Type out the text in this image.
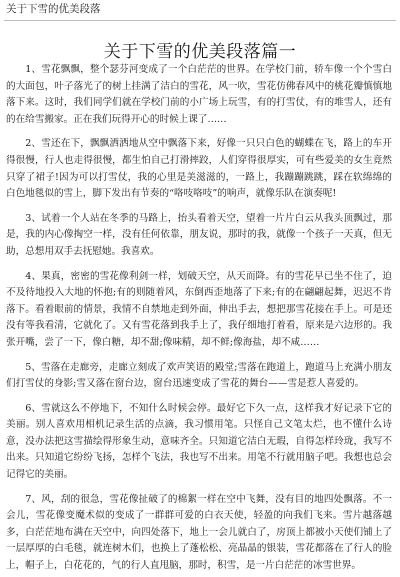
关于下雪的优美段落
关于下雪的优美段落篇一

1、雪花飘飘，整个瑟芬河变成了一个白茫茫的世界。在学校门前，轿车像一个个雪白的大面包，叶子落光了的树上挂满了洁白的雪花，风一吹，雪花仿佛春风中的桃花瓣慎慎地落下来。这时，我们同学们就在学校门前的小广场上玩雪，有的打雪仗，有的堆雪人，还有的在给雪搬家。正在我们玩得开心的时候上课了……

2、雪还在下，飘飘洒洒地从空中飘落下来，好像一只只白色的蝴蝶在飞，路上的车开得很慢，行人也走得很慢，都生怕自己打滑摔跤，人们穿得很厚实，可有些爱美的女生竟然只穿了裙子!因为可以打雪仗，我的心里是美滋滋的，一路上，我蹦蹦跳跳，踩在软绵绵的白色地毯似的雪上，脚下发出有节奏的“咯吱咯吱”的响声，就像乐队在演奏呢!

3、试着一个人站在冬季的马路上，抬头看着天空，望着一片片白云从我头顶飘过，那是，我的内心像掏空一样，没有任何依靠，朋友说，那时的我，就像一个孩子一天真，但无助，总想用双手去抚慰她。我喜欢。

4、果真，密密的雪花像利剑一样，划破天空，从天而降。有的雪花早已坐不住了，迫不及待地投入大地的怀抱;有的则随着风，东倒西歪地落了下来;有的在翩翩起舞，迟迟不肯落下。看着眼前的情景，我情不自禁地走到外面，伸出手去，想把那雪花接在手上。可是还没有等我看清，它就化了。又有雪花落到我手上了，我仔细地打着看，原来是六边形的。我张开嘴，尝了一下，像白糖，却不甜;像味精，却不鲜;像海盐，却不咸……

5、雪落在走廊旁，走廊立刻成了欢声笑语的殿堂;雪落在跑道上，跑道马上充满小朋友们打雪仗的身影;雪又落在窗台边，窗台迅速变成了雪花的舞台——雪是惹人喜爱的。

6、雪就这么不停地下，不知什么时候会停。最好它下久一点，这样我才好记录下它的美丽。别人喜欢用相机记录生活的点滴，我习惯用笔。只怪自己文笔太烂，也不懂什么诗意，没办法把这雪描绘得形象生动，意味齐全。只知道它洁白无瑕，自得怎样玲珑，我写不出来。只知道它纷纷飞扬，怎样个飞法，我也写不出来。用笔不行就用脑子吧。我想也总会记得它的美丽。

7、风，刮的很急，雪花像扯破了的棉絮一样在空中飞舞，没有目的地四处飘落。不一会儿，雪花像变魔术似的变成了一群群可爱的白衣天使，轻盈的向我们飞来。雪片越落越多，白茫茫地布满在天空中，向四处落下，地上一会儿就白了，房顶上都被小天使们铺上了一层厚厚的白毛毯，就连树木们，也换上了蓬松松、亮晶晶的银装，雪花都落在了行人的脸上，帽子上，白花花的，气的行人直甩脑，那时，积雪，是一片白茫茫的冰雪世界。
